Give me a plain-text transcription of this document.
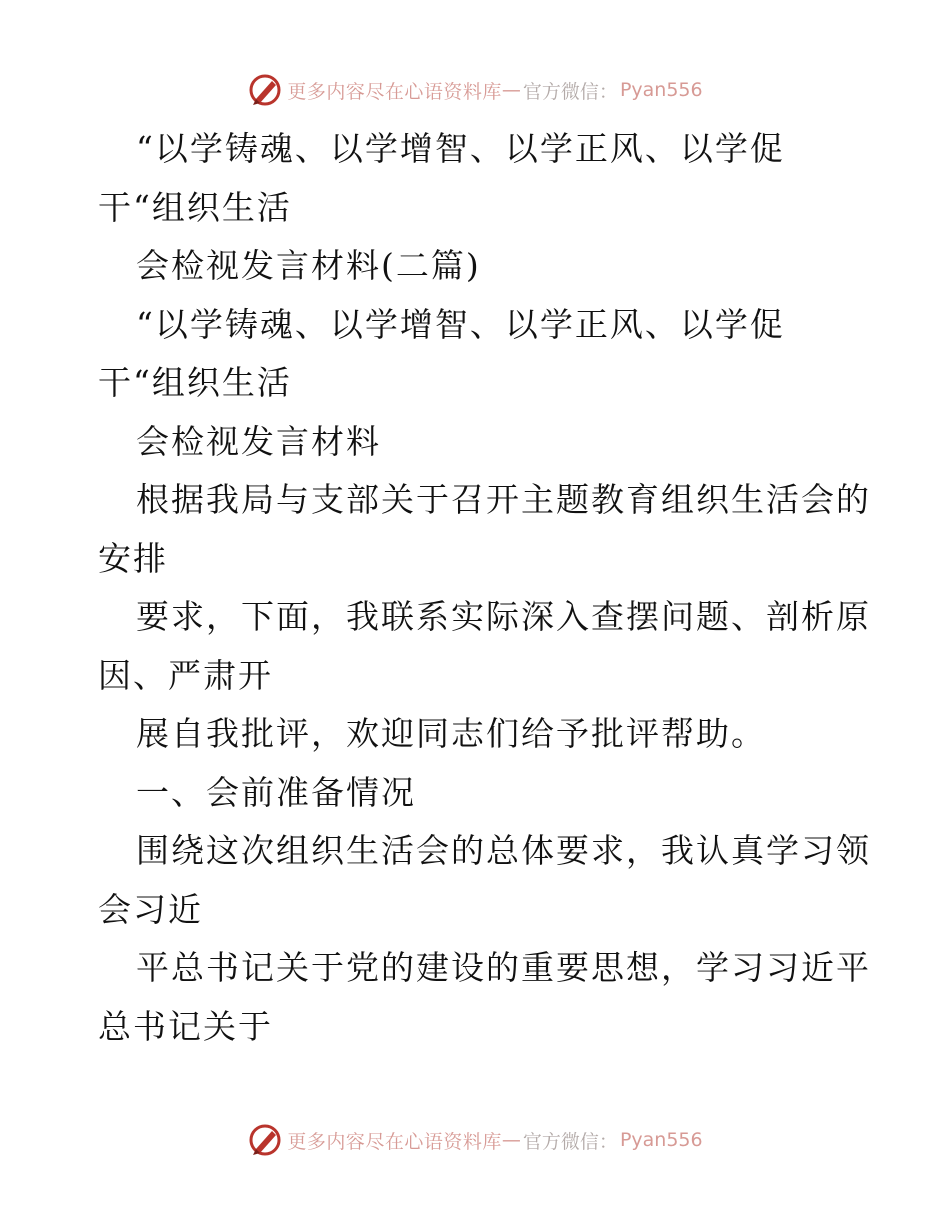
更多内容尽在心语资料库 — 官方微信： Pyan556
“以学铸魂、以学增智、以学正风、以学促
干“组织生活
会检视发言材料(二篇)
“以学铸魂、以学增智、以学正风、以学促
干“组织生活
会检视发言材料
根据我局与支部关于召开主题教育组织生活会的
安排
要求，下面，我联系实际深入查摆问题、剖析原
因、严肃开
展自我批评，欢迎同志们给予批评帮助。
一、会前准备情况
围绕这次组织生活会的总体要求，我认真学习领
会习近
平总书记关于党的建设的重要思想，学习习近平
总书记关于
更多内容尽在心语资料库 — 官方微信： Pyan556
